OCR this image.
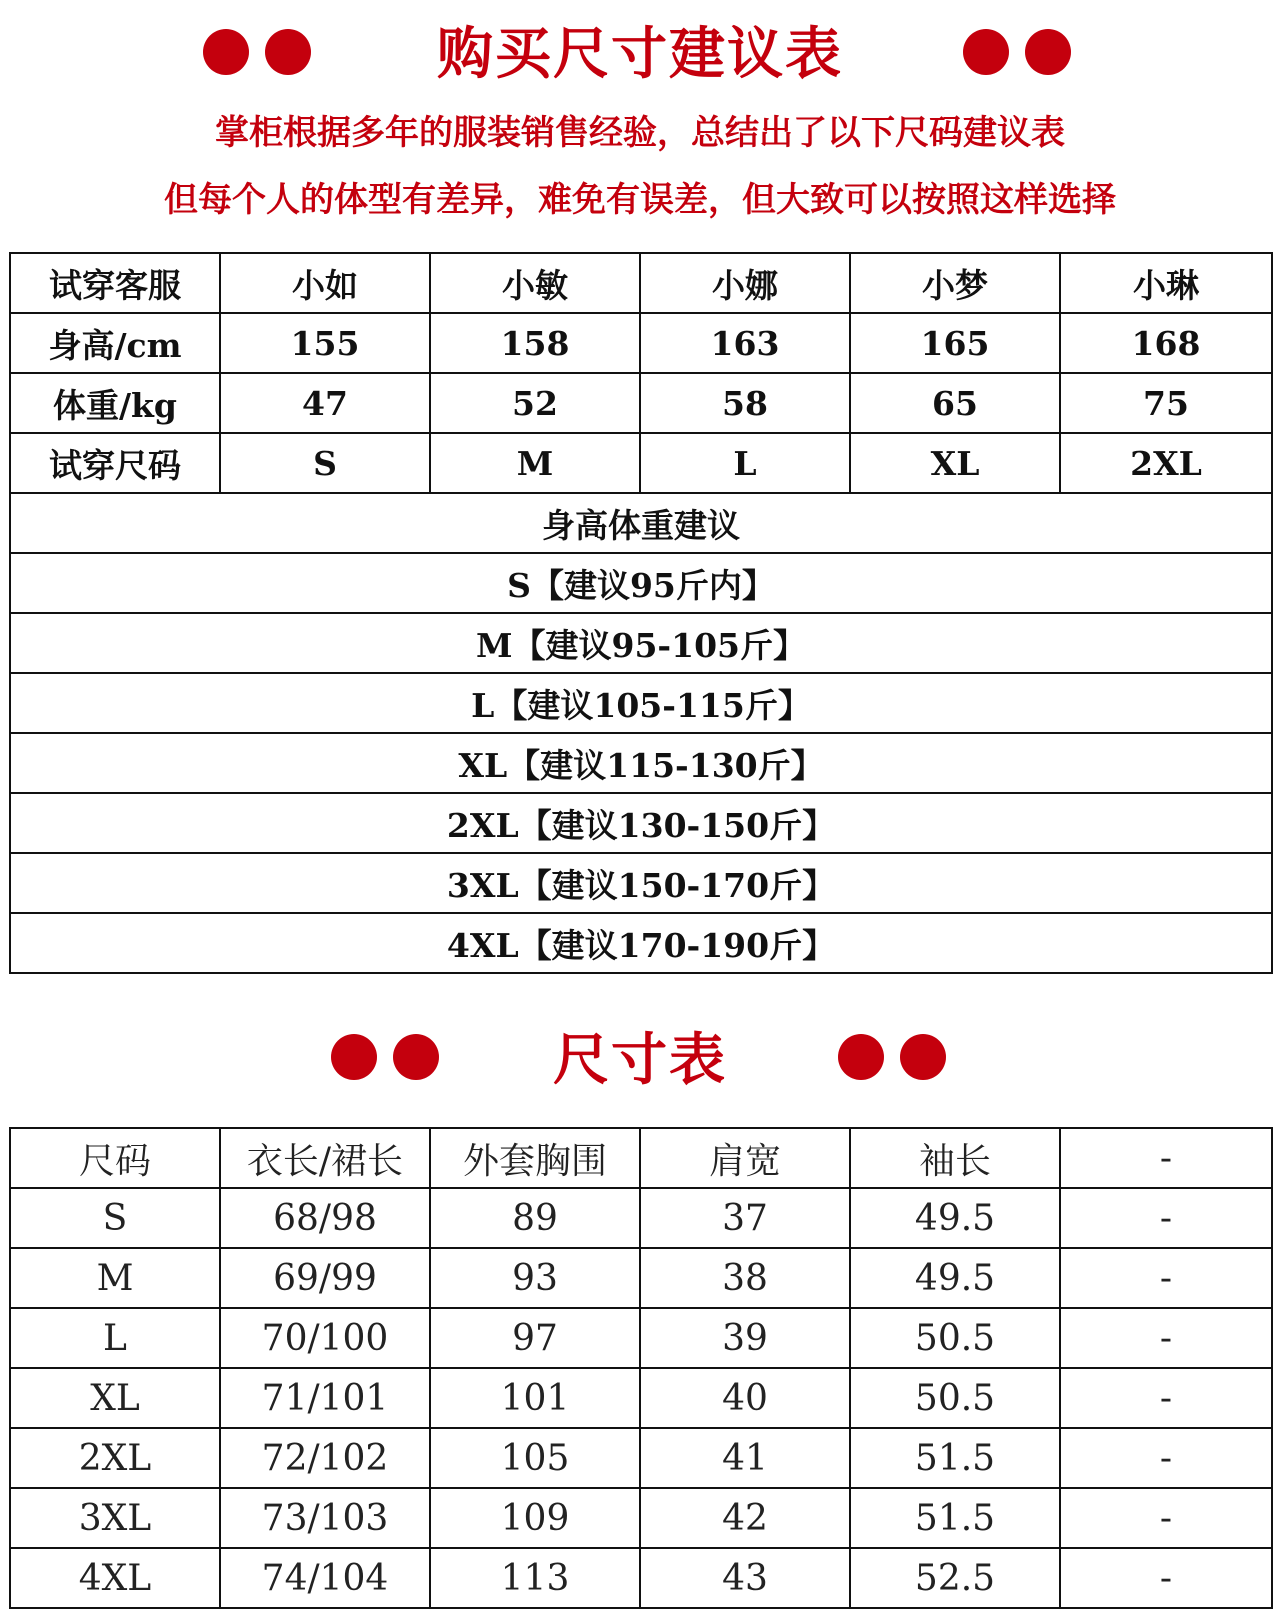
购买尺寸建议表

掌柜根据多年的服装销售经验，总结出了以下尺码建议表

但每个人的体型有差异，难免有误差，但大致可以按照这样选择

试穿客服	小如	小敏	小娜	小梦	小琳
身高/cm	155	158	163	165	168
体重/kg	47	52	58	65	75
试穿尺码	S	M	L	XL	2XL
身高体重建议					
S【建议95斤内】					
M【建议95-105斤】					
L【建议105-115斤】					
XL【建议115-130斤】					
2XL【建议130-150斤】					
3XL【建议150-170斤】					
4XL【建议170-190斤】					
尺寸表
尺码	衣长/裙长	外套胸围	肩宽	袖长	-
S	68/98	89	37	49.5	-
M	69/99	93	38	49.5	-
L	70/100	97	39	50.5	-
XL	71/101	101	40	50.5	-
2XL	72/102	105	41	51.5	-
3XL	73/103	109	42	51.5	-
4XL	74/104	113	43	52.5	-
